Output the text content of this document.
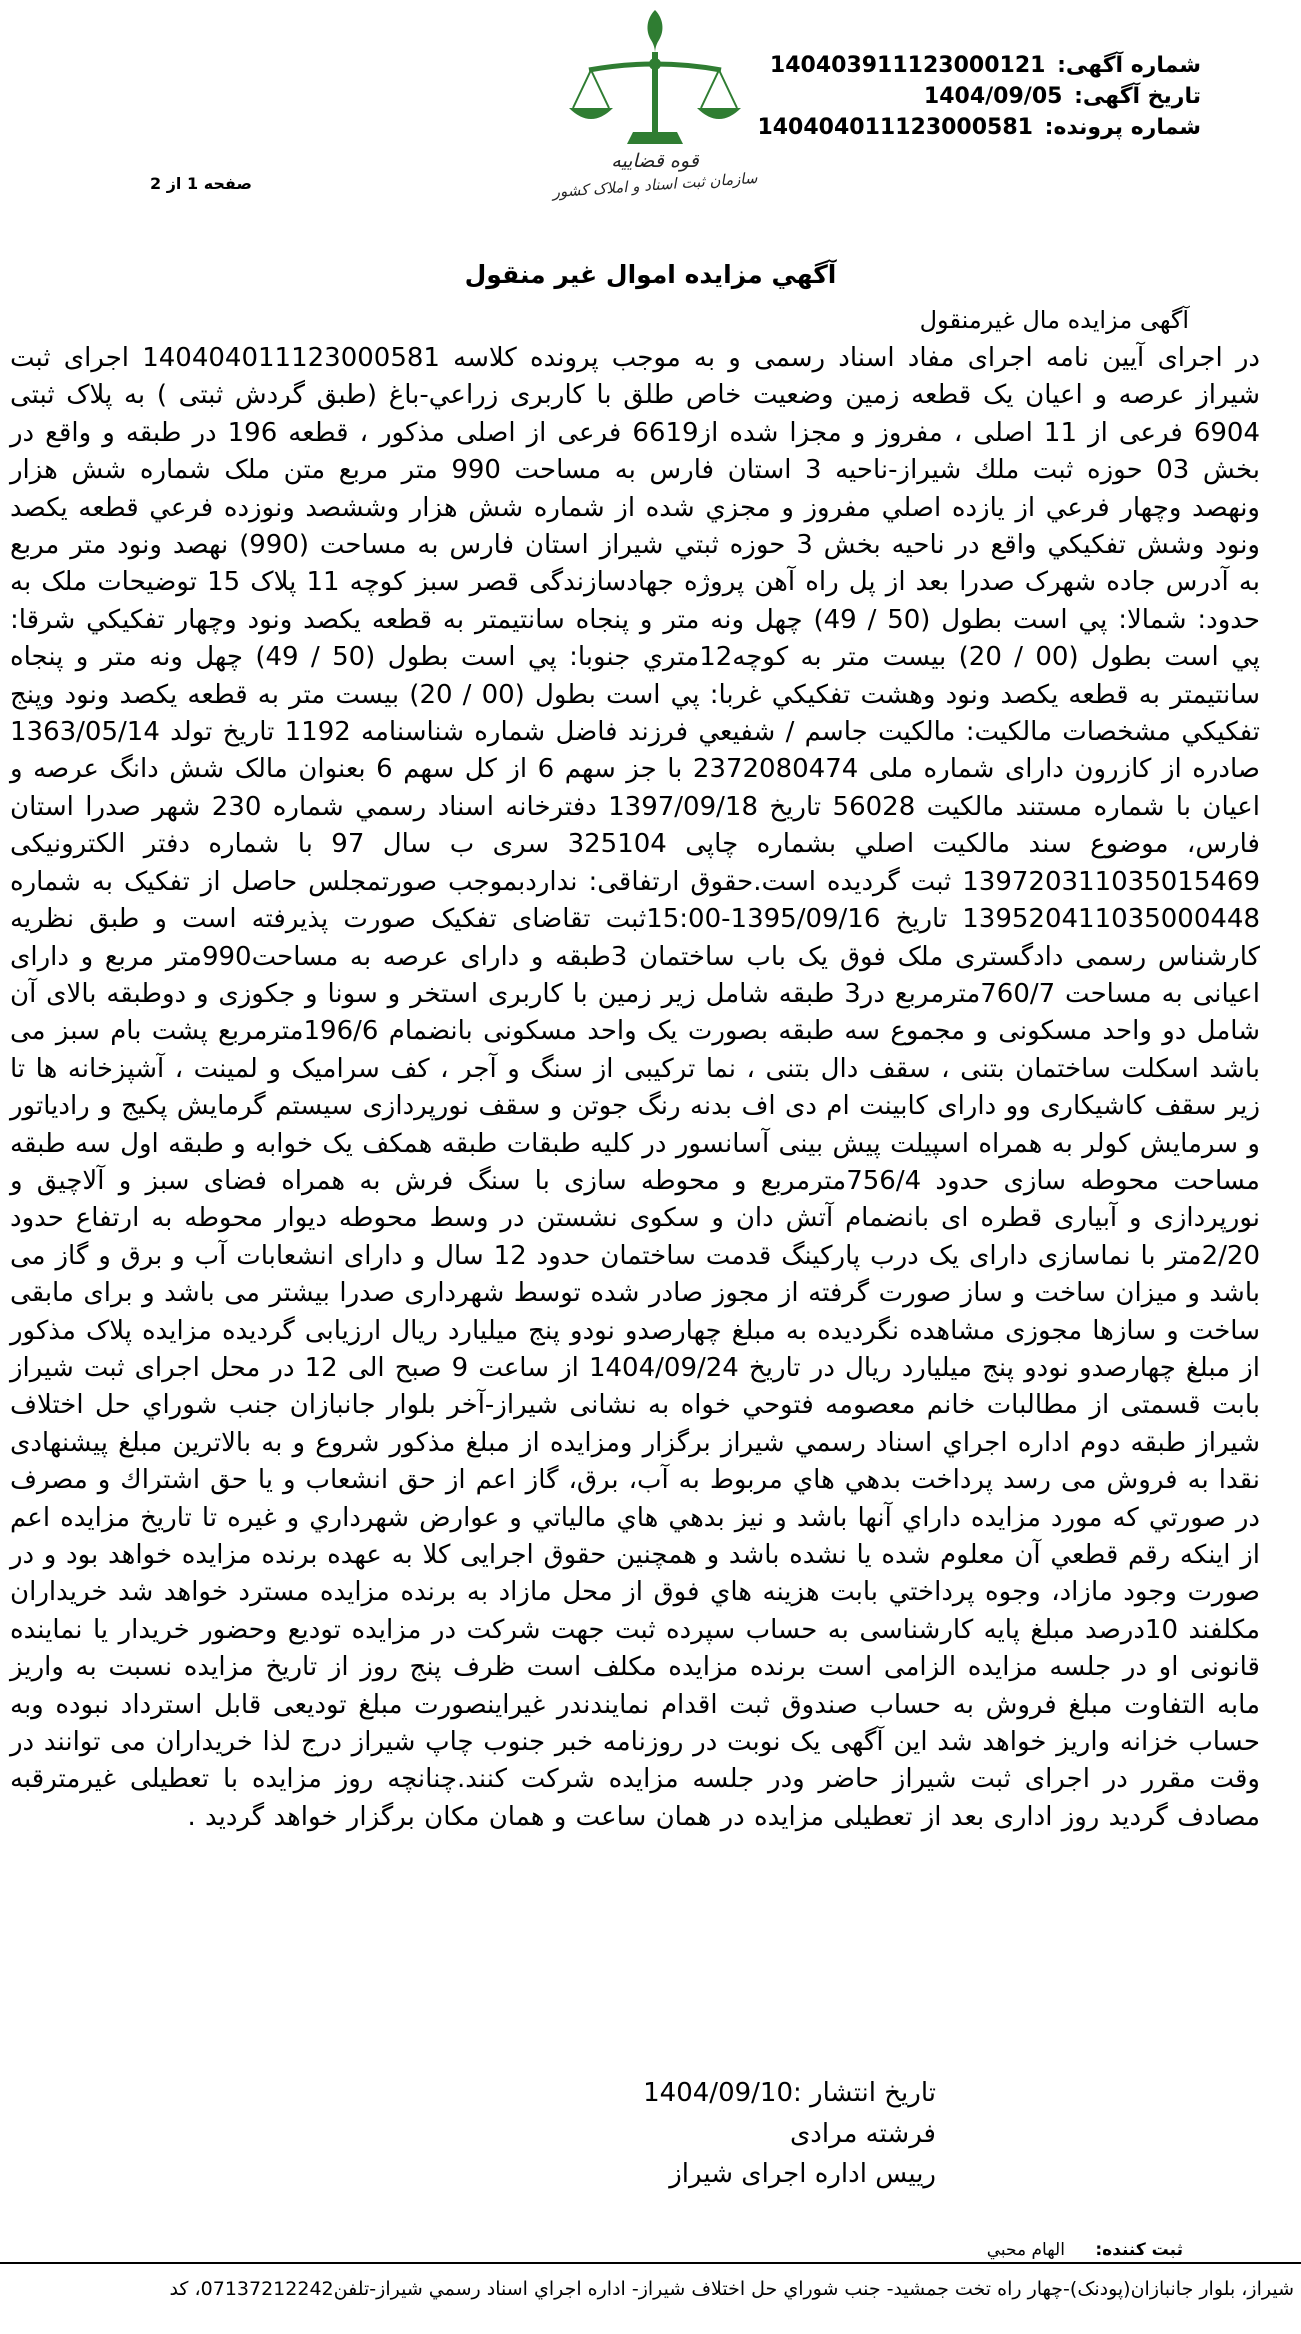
شماره آگهی: 140403911123000121
تاریخ آگهی: 1404/09/05
شماره پرونده: 140404011123000581
قوه قضاییه
سازمان ثبت اسناد و املاک کشور
صفحه 1 از 2
آگهي مزايده اموال غير منقول
آگهی مزایده مال غیرمنقول

در اجرای آیین نامه اجرای مفاد اسناد رسمی و به موجب پرونده کلاسه 140404011123000581 اجرای ثبت شیراز عرصه و اعیان یک قطعه زمین وضعیت خاص طلق با کاربری زراعي-باغ (طبق گردش ثبتی ) به پلاک ثبتی 6904 فرعی از 11 اصلی ، مفروز و مجزا شده از6619 فرعی از اصلی مذکور ، قطعه 196 در طبقه و واقع در بخش 03 حوزه ثبت ملك شيراز-ناحيه 3 استان فارس به مساحت 990 متر مربع متن ملک شماره شش هزار ونهصد وچهار فرعي از يازده اصلي مفروز و مجزي شده از شماره شش هزار وششصد ونوزده فرعي قطعه يکصد ونود وشش تفکيکي واقع در ناحيه بخش 3 حوزه ثبتي شيراز استان فارس به مساحت (990) نهصد ونود متر مربع به آدرس جاده شهرک صدرا بعد از پل راه آهن پروژه جهادسازندگی قصر سبز کوچه 11 پلاک 15 توضیحات ملک به حدود: شمالا: پي است بطول (50 / 49) چهل ونه متر و پنجاه سانتيمتر به قطعه يکصد ونود وچهار تفکيکي شرقا: پي است بطول (00 / 20) بيست متر به کوچه12متري جنوبا: پي است بطول (50 / 49) چهل ونه متر و پنجاه سانتيمتر به قطعه يکصد ونود وهشت تفکيکي غربا: پي است بطول (00 / 20) بيست متر به قطعه يکصد ونود وپنج تفکيکي مشخصات مالکیت: مالکیت جاسم / شفیعي فرزند فاضل شماره شناسنامه 1192 تاریخ تولد 1363/05/14 صادره از کازرون دارای شماره ملی 2372080474 با جز سهم 6 از کل سهم 6 بعنوان مالک شش دانگ عرصه و اعیان با شماره مستند مالکیت 56028 تاریخ 1397/09/18 دفترخانه اسناد رسمي شماره 230 شهر صدرا استان فارس، موضوع سند مالکیت اصلي بشماره چاپی 325104 سری ب سال 97 با شماره دفتر الکترونیکی 139720311035015469 ثبت گردیده است.حقوق ارتفاقی: نداردبموجب صورتمجلس حاصل از تفکیک به شماره 13952041103500044​8 تاریخ 1395/09/16-15:00ثبت تقاضای تفکیک صورت پذیرفته است و طبق نظریه کارشناس رسمی دادگستری ملک فوق یک باب ساختمان 3طبقه و دارای عرصه به مساحت990متر مربع و دارای اعیانی به مساحت 760/7مترمربع در3 طبقه شامل زیر زمین با کاربری استخر و سونا و جکوزی و دوطبقه بالای آن شامل دو واحد مسکونی و مجموع سه طبقه بصورت یک واحد مسکونی بانضمام 196/6مترمربع پشت بام سبز می باشد اسکلت ساختمان بتنی ، سقف دال بتنی ، نما ترکیبی از سنگ و آجر ، کف سرامیک و لمینت ، آشپزخانه ها تا زیر سقف کاشیکاری وو دارای کابینت ام دی اف بدنه رنگ جوتن و سقف نورپردازی سیستم گرمایش پکیج و رادیاتور و سرمایش کولر به همراه اسپیلت پیش بینی آسانسور در کلیه طبقات طبقه همکف یک خوابه و طبقه اول سه طبقه مساحت محوطه سازی حدود 756/4مترمربع و محوطه سازی با سنگ فرش به همراه فضای سبز و آلاچیق و نورپردازی و آبیاری قطره ای بانضمام آتش دان و سکوی نشستن در وسط محوطه دیوار محوطه به ارتفاع حدود 2/20متر با نماسازی دارای یک درب پارکینگ قدمت ساختمان حدود 12 سال و دارای انشعابات آب و برق و گاز می باشد و میزان ساخت و ساز صورت گرفته از مجوز صادر شده توسط شهرداری صدرا بیشتر می باشد و برای مابقی ساخت و سازها مجوزی مشاهده نگردیده به مبلغ چهارصدو نودو پنج میلیارد ریال ارزیابی گردیده مزایده پلاک مذکور از مبلغ چهارصدو نودو پنج میلیارد ریال در تاریخ 1404/09/24 از ساعت 9 صبح الی 12 در محل اجرای ثبت شیراز بابت قسمتی از مطالبات خانم معصومه فتوحي خواه به نشانی شيراز-آخر بلوار جانبازان جنب شوراي حل اختلاف شيراز طبقه دوم اداره اجراي اسناد رسمي شيراز برگزار ومزایده از مبلغ مذکور شروع و به بالاترین مبلغ پیشنهادی نقدا به فروش می رسد پرداخت بدهي هاي مربوط به آب، برق، گاز اعم از حق انشعاب و یا حق اشتراك و مصرف در صورتي كه مورد مزايده داراي آنها باشد و نيز بدهي هاي مالياتي و عوارض شهرداري و غيره تا تاريخ مزايده اعم از اينكه رقم قطعي آن معلوم شده يا نشده باشد و همچنين حقوق اجرايی کلا به عهده برنده مزايده خواهد بود و در صورت وجود مازاد، وجوه پرداختي بابت هزينه هاي فوق از محل مازاد به برنده مزايده مسترد خواهد شد خريداران مكلفند 10درصد مبلغ پايه كارشناسی به حساب سپرده ثبت جهت شركت در مزايده توديع وحضور خريدار يا نماينده قانونی او در جلسه مزايده الزامی است برنده مزايده مكلف است ظرف پنج روز از تاريخ مزايده نسبت به واريز مابه التفاوت مبلغ فروش به حساب صندوق ثبت اقدام نمايندندر غيراينصورت مبلغ توديعی قابل استرداد نبوده وبه حساب خزانه واريز خواهد شد اين آگهی يک نوبت در روزنامه خبر جنوب چاپ شیراز درج لذا خريداران می توانند در وقت مقرر در اجرای ثبت شیراز حاضر ودر جلسه مزايده شركت كنند.چنانچه روز مزايده با تعطيلی غيرمترقبه مصادف گرديد روز اداری بعد از تعطيلی مزايده در همان ساعت و همان مكان برگزار خواهد گرديد .

تاریخ انتشار :1404/09/10
فرشته مرادی
رییس اداره اجرای شیراز
ثبت کننده: الهام محبي
شیراز، بلوار جانبازان(پودنک)-چهار راه تخت جمشید- جنب شوراي حل اختلاف شیراز- اداره اجراي اسناد رسمي شيراز-تلفن07137212242، کد
